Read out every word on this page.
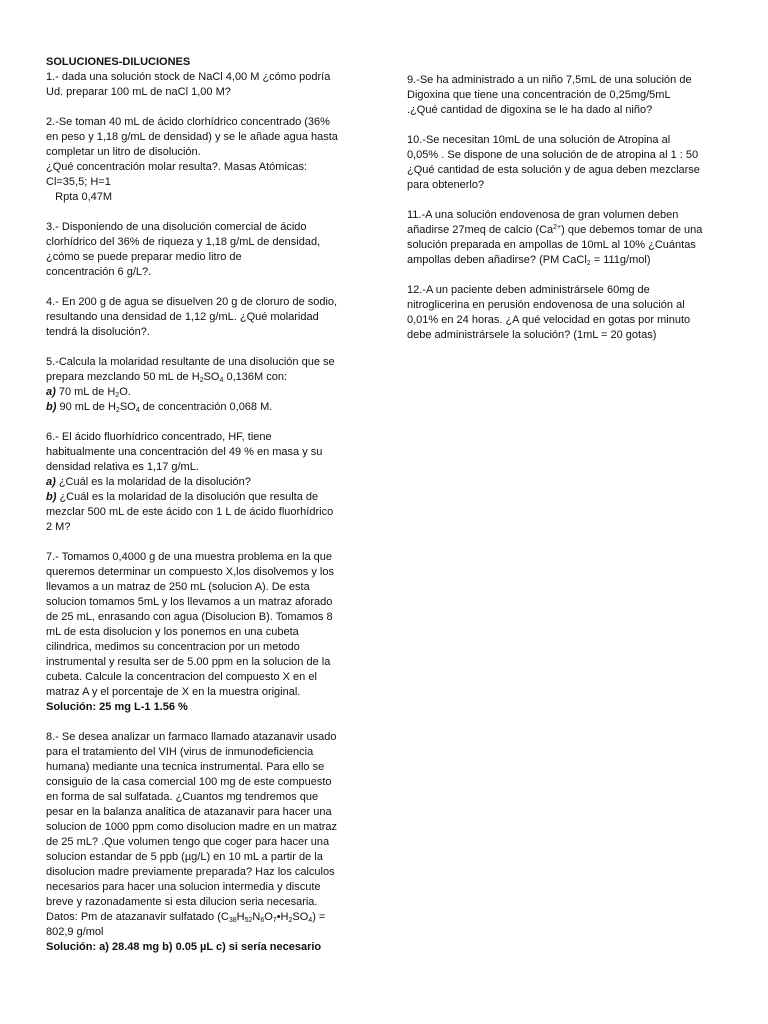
SOLUCIONES-DILUCIONES
1.- dada una solución stock de NaCl 4,00 M ¿cómo podría
Ud. preparar 100 mL de naCl 1,00 M?
2.-Se toman 40 mL de ácido clorhídrico concentrado (36%
en peso y 1,18 g/mL de densidad) y se le añade agua hasta
completar un litro de disolución.
¿Qué concentración molar resulta?. Masas Atómicas:
Cl=35,5; H=1
Rpta 0,47M
3.- Disponiendo de una disolución comercial de ácido
clorhídrico del 36% de riqueza y 1,18 g/mL de densidad,
¿cómo se puede preparar medio litro de
concentración 6 g/L?.
4.- En 200 g de agua se disuelven 20 g de cloruro de sodio,
resultando una densidad de 1,12 g/mL. ¿Qué molaridad
tendrá la disolución?.
5.-Calcula la molaridad resultante de una disolución que se
prepara mezclando 50 mL de $H_2SO_4$ 0,136M con:
a) 70 mL de $H_2O$.
b) 90 mL de $H_2SO_4$ de concentración 0,068 M.
6.- El ácido fluorhídrico concentrado, HF, tiene
habitualmente una concentración del 49 % en masa y su
densidad relativa es 1,17 g/mL.
a) ¿Cuál es la molaridad de la disolución?
b) ¿Cuál es la molaridad de la disolución que resulta de
mezclar 500 mL de este ácido con 1 L de ácido fluorhídrico
2 M?
7.- Tomamos 0,4000 g de una muestra problema en la que
queremos determinar un compuesto X,los disolvemos y los
llevamos a un matraz de 250 mL (solucion A). De esta
solucion tomamos 5mL y los llevamos a un matraz aforado
de 25 mL, enrasando con agua (Disolucion B). Tomamos 8
mL de esta disolucion y los ponemos en una cubeta
cilindrica, medimos su concentracion por un metodo
instrumental y resulta ser de 5.00 ppm en la solucion de la
cubeta. Calcule la concentracion del compuesto X en el
matraz A y el porcentaje de X en la muestra original.
Solución: 25 mg L-1 1.56 %
8.- Se desea analizar un farmaco llamado atazanavir usado
para el tratamiento del VIH (virus de inmunodeficiencia
humana) mediante una tecnica instrumental. Para ello se
consiguio de la casa comercial 100 mg de este compuesto
en forma de sal sulfatada. ¿Cuantos mg tendremos que
pesar en la balanza analitica de atazanavir para hacer una
solucion de 1000 ppm como disolucion madre en un matraz
de 25 mL? .Que volumen tengo que coger para hacer una
solucion estandar de 5 ppb (µg/L) en 10 mL a partir de la
disolucion madre previamente preparada? Haz los calculos
necesarios para hacer una solucion intermedia y discute
breve y razonadamente si esta dilucion seria necesaria.
Datos: Pm de atazanavir sulfatado $(C_{38}H_{52}N_6O_7•H_2SO_4)$ =
802,9 g/mol
Solución: a) 28.48 mg b) 0.05 µL c) si sería necesario
9.-Se ha administrado a un niño 7,5mL de una solución de
Digoxina que tiene una concentración de 0,25mg/5mL
.¿Qué cantidad de digoxina se le ha dado al niño?
10.-Se necesitan 10mL de una solución de Atropina al
0,05% . Se dispone de una solución de de atropina al 1 : 50
¿Qué cantidad de esta solución y de agua deben mezclarse
para obtenerlo?
11.-A una solución endovenosa de gran volumen deben
añadirse 27meq de calcio $(Ca^{2+})$ que debemos tomar de una
solución preparada en ampollas de 10mL al 10% ¿Cuántas
ampollas deben añadirse? (PM CaCl$_2$ = 111g/mol)
12.-A un paciente deben administrársele 60mg de
nitroglicerina en perusión endovenosa de una solución al
0,01% en 24 horas. ¿A qué velocidad en gotas por minuto
debe administrársele la solución? (1mL = 20 gotas)
